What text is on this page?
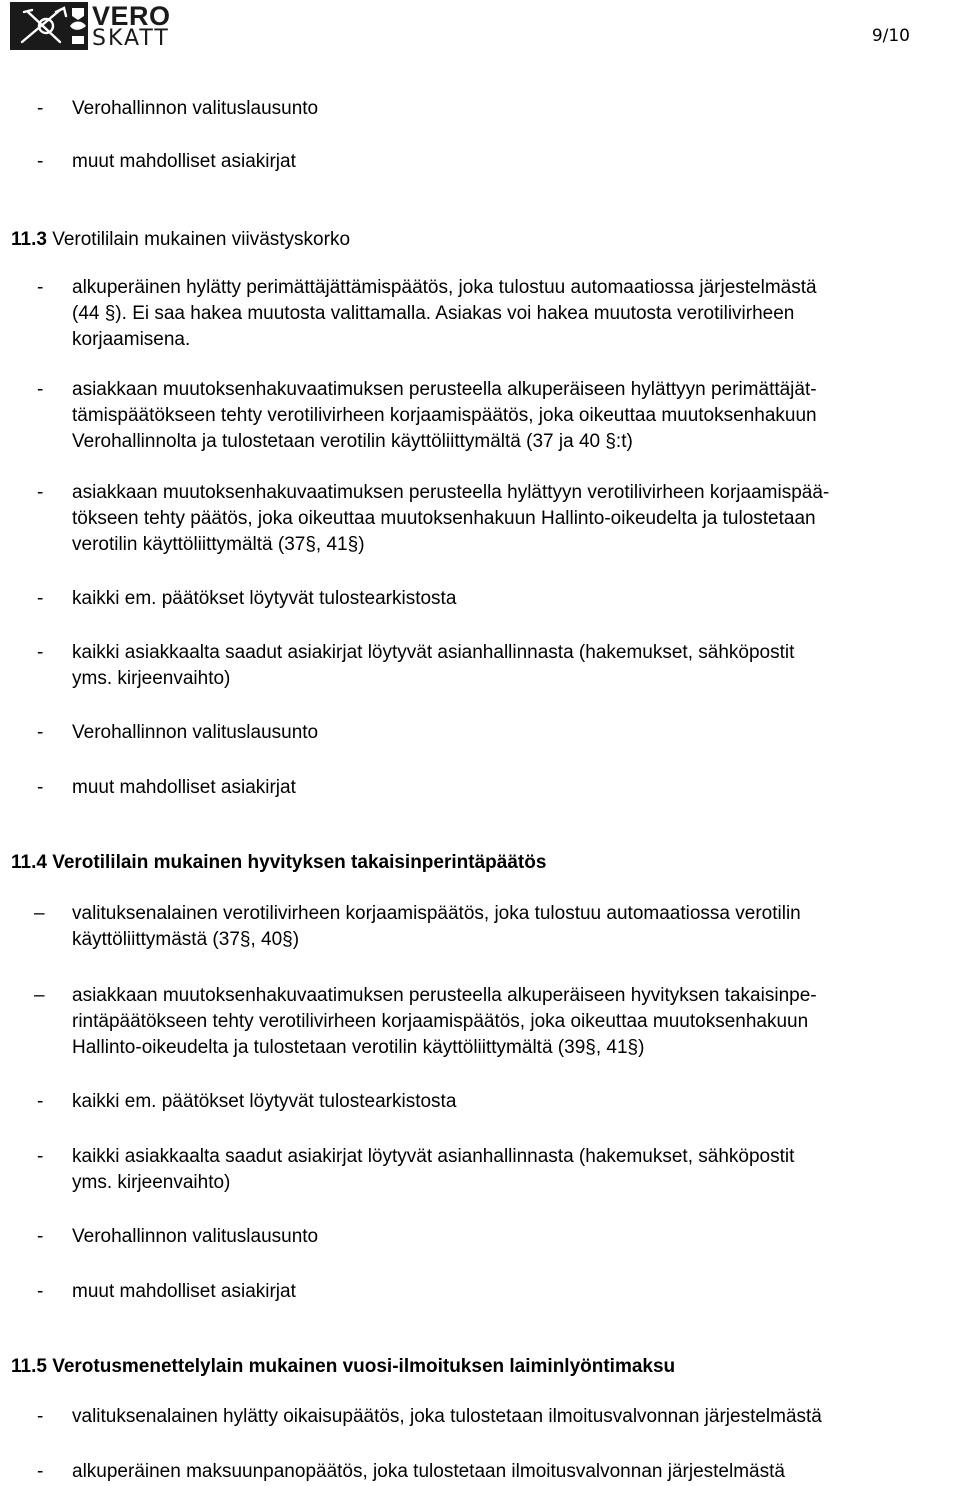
VERO
SKATT	9/10
- Verohallinnon valituslausunto
- muut mahdolliset asiakirjat
11.3 Verotililain mukainen viivästyskorko
- alkuperäinen hylätty perimättäjättämispäätös, joka tulostuu automaatiossa järjestelmästä
(44 §). Ei saa hakea muutosta valittamalla. Asiakas voi hakea muutosta verotilivirheen
korjaamisena.
- asiakkaan muutoksenhakuvaatimuksen perusteella alkuperäiseen hylättyyn perimättäjät-
tämispäätökseen tehty verotilivirheen korjaamispäätös, joka oikeuttaa muutoksenhakuun
Verohallinnolta ja tulostetaan verotilin käyttöliittymältä (37 ja 40 §:t)
- asiakkaan muutoksenhakuvaatimuksen perusteella hylättyyn verotilivirheen korjaamispää-
tökseen tehty päätös, joka oikeuttaa muutoksenhakuun Hallinto-oikeudelta ja tulostetaan
verotilin käyttöliittymältä (37§, 41§)
- kaikki em. päätökset löytyvät tulostearkistosta
- kaikki asiakkaalta saadut asiakirjat löytyvät asianhallinnasta (hakemukset, sähköpostit
yms. kirjeenvaihto)
- Verohallinnon valituslausunto
- muut mahdolliset asiakirjat
11.4 Verotililain mukainen hyvityksen takaisinperintäpäätös
– valituksenalainen verotilivirheen korjaamispäätös, joka tulostuu automaatiossa verotilin
käyttöliittymästä (37§, 40§)
– asiakkaan muutoksenhakuvaatimuksen perusteella alkuperäiseen hyvityksen takaisinpe-
rintäpäätökseen tehty verotilivirheen korjaamispäätös, joka oikeuttaa muutoksenhakuun
Hallinto-oikeudelta ja tulostetaan verotilin käyttöliittymältä (39§, 41§)
- kaikki em. päätökset löytyvät tulostearkistosta
- kaikki asiakkaalta saadut asiakirjat löytyvät asianhallinnasta (hakemukset, sähköpostit
yms. kirjeenvaihto)
- Verohallinnon valituslausunto
- muut mahdolliset asiakirjat
11.5 Verotusmenettelylain mukainen vuosi-ilmoituksen laiminlyöntimaksu
- valituksenalainen hylätty oikaisupäätös, joka tulostetaan ilmoitusvalvonnan järjestelmästä
- alkuperäinen maksuunpanopäätös, joka tulostetaan ilmoitusvalvonnan järjestelmästä
